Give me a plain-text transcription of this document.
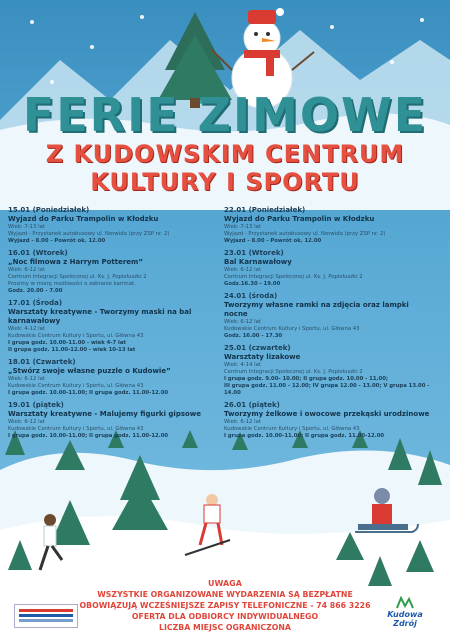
FERIE ZIMOWE
Z KUDOWSKIM CENTRUM
KULTURY I SPORTU
15.01 (Poniedziałek)
Wyjazd do Parku Trampolin w Kłodzku
Wiek: 7-13 lat
Wyjazd - Przystanek autobusowy ul. Norwida (przy ZSP nr. 2)
Wyjazd - 8.00 - Powrót ok. 12.00
16.01 (Wtorek)
„Noc filmowa z Harrym Potterem”
Wiek: 6-12 lat
Centrum Integracji Społecznej ul. Ks. J. Popiełuszki 2
Prosimy w miarę możliwości o zabranie karimat.
Godz. 20.00 - 7.00
17.01 (Środa)
Warsztaty kreatywne - Tworzymy maski na bal karnawałowy
Wiek: 4-12 lat
Kudowskie Centrum Kultury i Sportu, ul. Główna 43
I grupa godz. 10.00-11.00 - wiek 4-7 lat
II grupa godz. 11.00-12.00 - wiek 10-13 lat
18.01 (Czwartek)
„Stwórz swoje własne puzzle o Kudowie”
Wiek: 6-12 lat
Kudowskie Centrum Kultury i Sportu, ul. Główna 43
I grupa godz. 10.00-11.00; II grupa godz. 11.00-12.00
19.01 (piątek)
Warsztaty kreatywne - Malujemy figurki gipsowe
Wiek: 6-12 lat
Kudowskie Centrum Kultury i Sportu, ul. Główna 43
I grupa godz. 10.00-11.00; II grupa godz. 11.00-12.00
22.01 (Poniedziałek)
Wyjazd do Parku Trampolin w Kłodzku
Wiek: 7-13 lat
Wyjazd - Przystanek autobusowy ul. Norwida (przy ZSP nr. 2)
Wyjazd - 8.00 - Powrót ok. 12.00
23.01 (Wtorek)
Bal Karnawałowy
Wiek: 6-12 lat
Centrum Integracji Społecznej ul. Ks. J. Popiełuszki 2
Godz.16.30 - 19.00
24.01 (środa)
Tworzymy własne ramki na zdjęcia oraz lampki nocne
Wiek: 6-12 lat
Kudowskie Centrum Kultury i Sportu, ul. Główna 43
Godz. 16.00 - 17.30
25.01 (czwartek)
Warsztaty lizakowe
Wiek: 4-14 lat
Centrum Integracji Społecznej ul. Ks. J. Popiełuszki 2
I grupa godz. 9.00- 10.00; II grupa godz. 10.00 - 11.00;
III grupa godz. 11.00 - 12.00; IV grupa 12.00 - 13.00; V grupa 13.00 - 14.00
26.01 (piątek)
Tworzymy żelkowe i owocowe przekąski urodzinowe
Wiek: 6-12 lat
Kudowskie Centrum Kultury i Sportu, ul. Główna 43
I grupa godz. 10.00-11.00; II grupa godz. 11.00-12.00
UWAGA
WSZYSTKIE ORGANIZOWANE WYDARZENIA SĄ BEZPŁATNE
OBOWIĄZUJĄ WCZEŚNIEJSZE ZAPISY TELEFONICZNE - 74 866 3226
OFERTA DLA ODBIORCY INDYWIDUALNEGO
LICZBA MIEJSC OGRANICZONA
Kudowa
Zdrój
